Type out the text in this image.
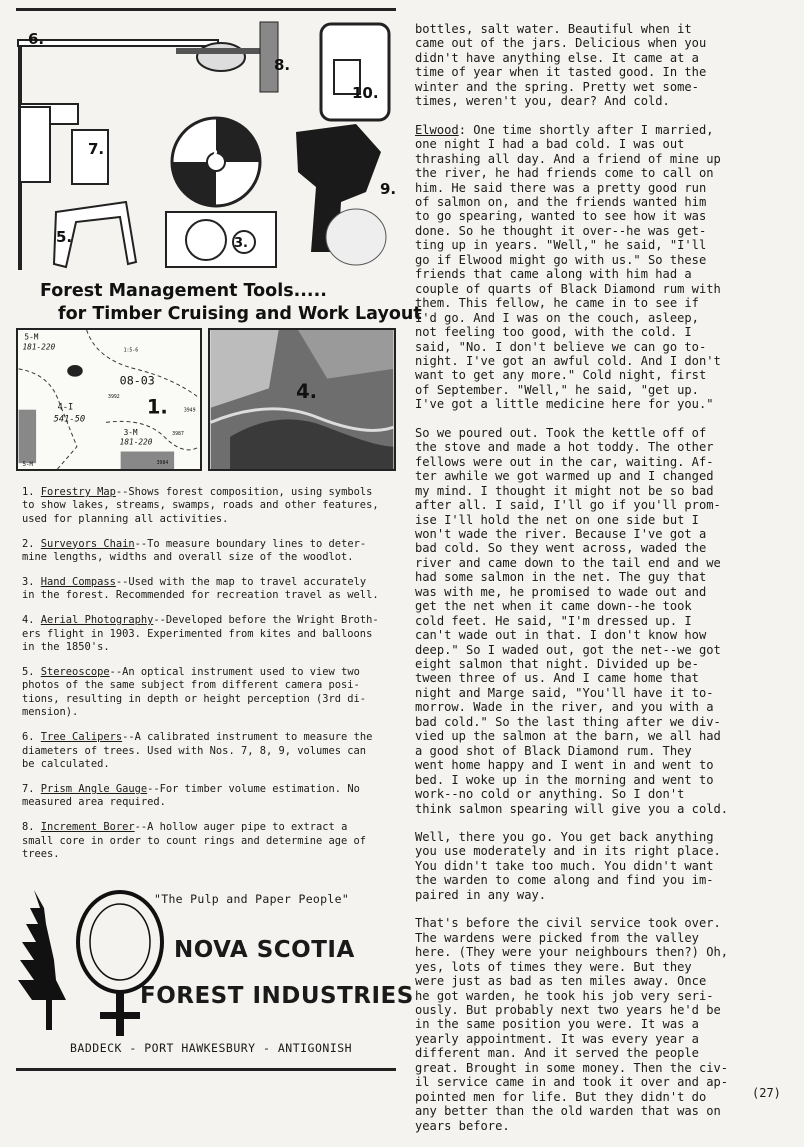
6.
8.
10.
7.	2.
9.
5.	3.
Forest Management Tools.....
for Timber Cruising and Work Layout
5-M
181-220
08-03
1.
4-I
541-50
3-M
181-220
3992
3949
3987
3984
1:5-6
5-M
4.
1. Forestry Map--Shows forest composition, using symbols
to show lakes, streams, swamps, roads and other features,
used for planning all activities.
2. Surveyors Chain--To measure boundary lines to deter-
mine lengths, widths and overall size of the woodlot.
3. Hand Compass--Used with the map to travel accurately
in the forest. Recommended for recreation travel as well.
4. Aerial Photography--Developed before the Wright Broth-
ers flight in 1903. Experimented from kites and balloons
in the 1850's.
5. Stereoscope--An optical instrument used to view two
photos of the same subject from different camera posi-
tions, resulting in depth or height perception (3rd di-
mension).
6. Tree Calipers--A calibrated instrument to measure the
diameters of trees. Used with Nos. 7, 8, 9, volumes can
be calculated.
7. Prism Angle Gauge--For timber volume estimation. No
measured area required.
8. Increment Borer--A hollow auger pipe to extract a
small core in order to count rings and determine age of
trees.
"The Pulp and Paper People"
NOVA SCOTIA
FOREST INDUSTRIES
BADDECK - PORT HAWKESBURY - ANTIGONISH

bottles, salt water. Beautiful when it
came out of the jars. Delicious when you
didn't have anything else. It came at a
time of year when it tasted good. In the
winter and the spring. Pretty wet some-
times, weren't you, dear? And cold.

Elwood: One time shortly after I married,
one night I had a bad cold. I was out
thrashing all day. And a friend of mine up
the river, he had friends come to call on
him. He said there was a pretty good run
of salmon on, and the friends wanted him
to go spearing, wanted to see how it was
done. So he thought it over--he was get-
ting up in years. "Well," he said, "I'll
go if Elwood might go with us." So these
friends that came along with him had a
couple of quarts of Black Diamond rum with
them. This fellow, he came in to see if
I'd go. And I was on the couch, asleep,
not feeling too good, with the cold. I
said, "No. I don't believe we can go to-
night. I've got an awful cold. And I don't
want to get any more." Cold night, first
of September. "Well," he said, "get up.
I've got a little medicine here for you."

So we poured out. Took the kettle off of
the stove and made a hot toddy. The other
fellows were out in the car, waiting. Af-
ter awhile we got warmed up and I changed
my mind. I thought it might not be so bad
after all. I said, I'll go if you'll prom-
ise I'll hold the net on one side but I
won't wade the river. Because I've got a
bad cold. So they went across, waded the
river and came down to the tail end and we
had some salmon in the net. The guy that
was with me, he promised to wade out and
get the net when it came down--he took
cold feet. He said, "I'm dressed up. I
can't wade out in that. I don't know how
deep." So I waded out, got the net--we got
eight salmon that night. Divided up be-
tween three of us. And I came home that
night and Marge said, "You'll have it to-
morrow. Wade in the river, and you with a
bad cold." So the last thing after we div-
vied up the salmon at the barn, we all had
a good shot of Black Diamond rum. They
went home happy and I went in and went to
bed. I woke up in the morning and went to
work--no cold or anything. So I don't
think salmon spearing will give you a cold.

Well, there you go. You get back anything
you use moderately and in its right place.
You didn't take too much. You didn't want
the warden to come along and find you im-
paired in any way.

That's before the civil service took over.
The wardens were picked from the valley
here. (They were your neighbours then?) Oh,
yes, lots of times they were. But they
were just as bad as ten miles away. Once
he got warden, he took his job very seri-
ously. But probably next two years he'd be
in the same position you were. It was a
yearly appointment. It was every year a
different man. And it served the people
great. Brought in some money. Then the civ-
il service came in and took it over and ap-
pointed men for life. But they didn't do
any better than the old warden that was on
years before.

(27)
